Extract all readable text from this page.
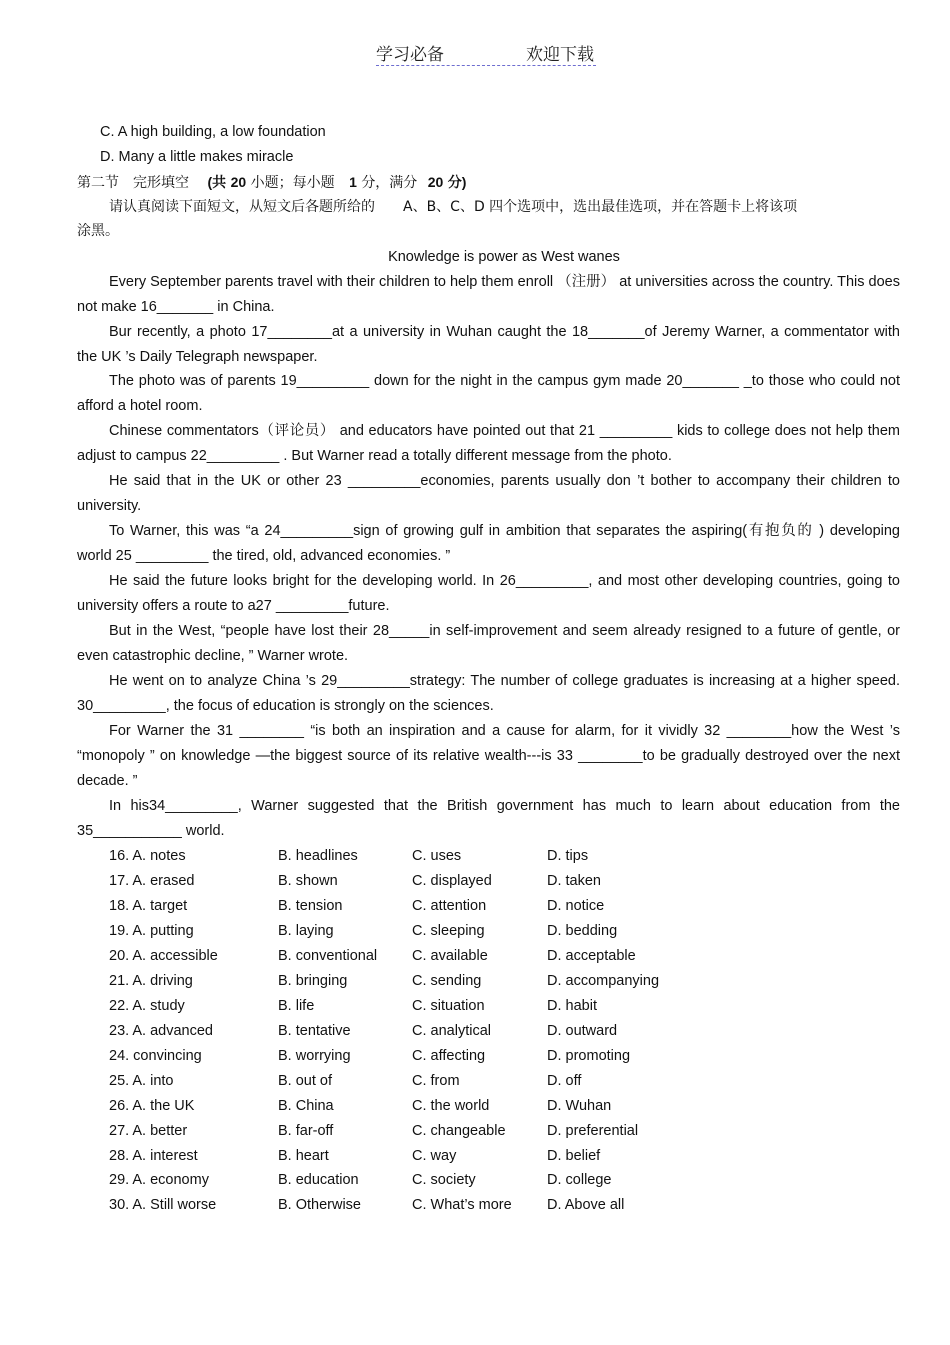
学习必备	欢迎下载
C. A high building, a low foundation
D. Many a little makes miracle
第二节　完形填空 (共 20 小题；每小题 1 分，满分 20 分)
请认真阅读下面短文，从短文后各题所给的　　A、B、C、D 四个选项中，选出最佳选项，并在答题卡上将该项
涂黑。
Knowledge is power as West wanes
Every September parents travel with their children to help them enroll （注册） at universities across the country. This does not make 16_______ in China.
Bur recently, a photo 17________at a university in Wuhan caught the 18_______of Jeremy Warner, a commentator with the UK ’s Daily Telegraph newspaper.
The photo was of parents 19_________ down for the night in the campus gym made 20_______ _to those who could not afford a hotel room.
Chinese commentators（评论员） and educators have pointed out that 21 _________ kids to college does not help them adjust to campus 22_________ . But Warner read a totally different message from the photo.
He said that in the UK or other 23 _________economies, parents usually don ’t bother to accompany their children to university.
To Warner, this was “a 24_________sign of growing gulf in ambition that separates the aspiring(有抱负的 ) developing world 25 _________ the tired, old, advanced economies. ”
He said the future looks bright for the developing world. In 26_________, and most other developing countries, going to university offers a route to a27 _________future.
But in the West, “people have lost their 28_____in self-improvement and seem already resigned to a future of gentle, or even catastrophic decline, ” Warner wrote.
He went on to analyze China ’s 29_________strategy: The number of college graduates is increasing at a higher speed. 30_________, the focus of education is strongly on the sciences.
For Warner the 31 ________ “is both an inspiration and a cause for alarm, for it vividly 32 ________how the West ’s “monopoly ” on knowledge —the biggest source of its relative wealth---is 33 ________to be gradually destroyed over the next decade. ”
In his34_________, Warner suggested that the British government has much to learn about education from the 35___________ world.
16. A. notes	B. headlines	C. uses	D. tips
17. A. erased	B. shown	C. displayed	D. taken
18. A. target	B. tension	C. attention	D. notice
19. A. putting	B. laying	C. sleeping	D. bedding
20. A. accessible	B. conventional C. available	D. acceptable
21. A. driving	B. bringing	C. sending	D. accompanying
22. A. study	B. life	C. situation	D. habit
23. A. advanced	B. tentative	C. analytical	D. outward
24. convincing	B. worrying	C. affecting	D. promoting
25. A. into	B. out of	C. from	D. off
26. A. the UK	B. China	C. the world	D. Wuhan
27. A. better	B. far-off	C. changeable	D. preferential
28. A. interest	B. heart	C. way	D. belief
29. A. economy	B. education	C. society	D. college
30. A. Still worse	B. Otherwise	C. What’s more D. Above all
